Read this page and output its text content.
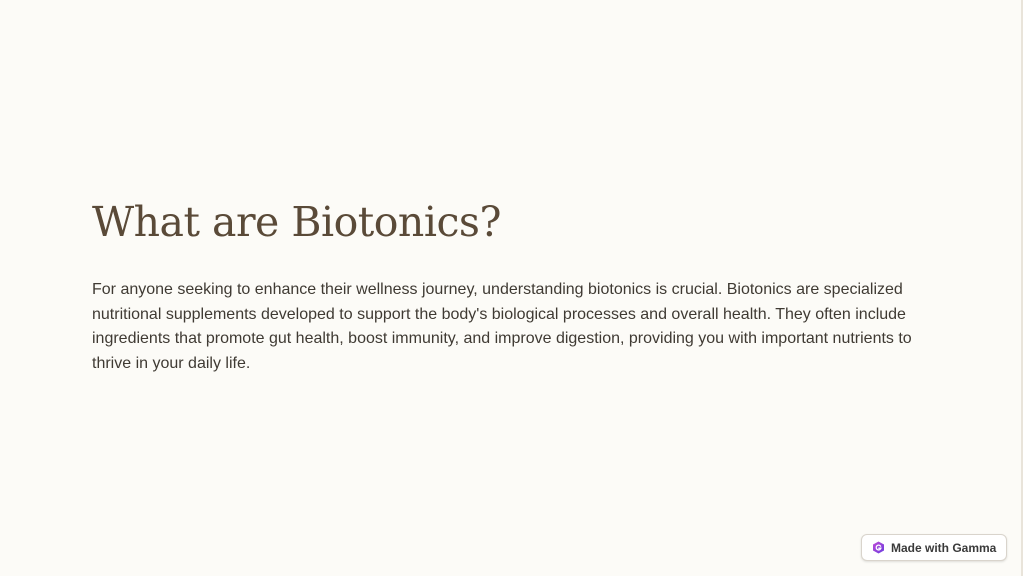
What are Biotonics?

For anyone seeking to enhance their wellness journey, understanding biotonics is crucial. Biotonics are specialized nutritional supplements developed to support the body's biological processes and overall health. They often include ingredients that promote gut health, boost immunity, and improve digestion, providing you with important nutrients to thrive in your daily life.

Made with Gamma
